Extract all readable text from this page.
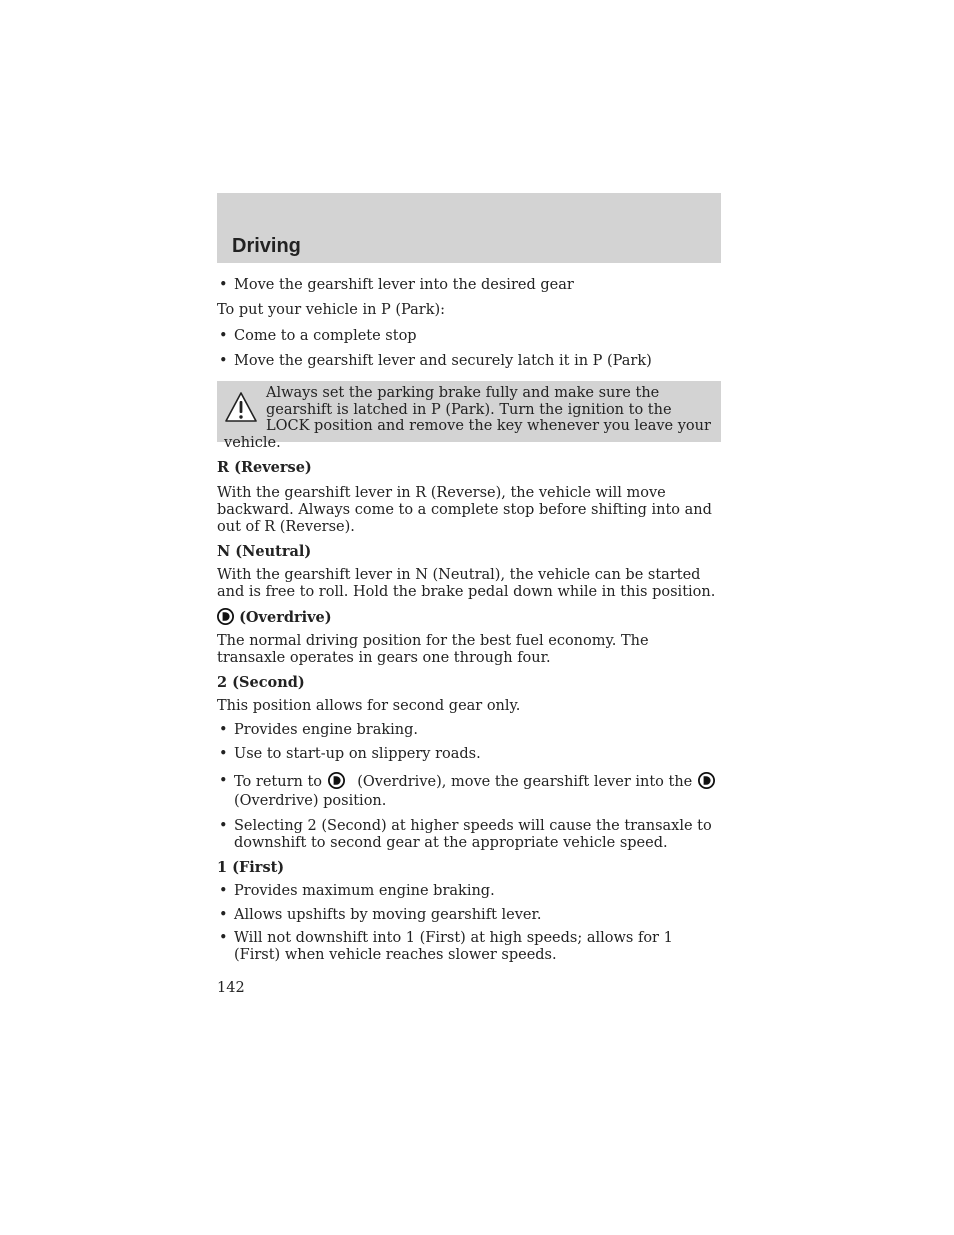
Driving

• Move the gearshift lever into the desired gear

To put your vehicle in P (Park):

• Come to a complete stop

• Move the gearshift lever and securely latch it in P (Park)

Always set the parking brake fully and make sure the gearshift is latched in P (Park). Turn the ignition to the LOCK position and remove the key whenever you leave your vehicle.

R (Reverse)

With the gearshift lever in R (Reverse), the vehicle will move backward. Always come to a complete stop before shifting into and out of R (Reverse).

N (Neutral)

With the gearshift lever in N (Neutral), the vehicle can be started and is free to roll. Hold the brake pedal down while in this position.

(Overdrive)

The normal driving position for the best fuel economy. The transaxle operates in gears one through four.

2 (Second)

This position allows for second gear only.

• Provides engine braking.

• Use to start-up on slippery roads.

• To return to (Overdrive), move the gearshift lever into the

(Overdrive) position.

• Selecting 2 (Second) at higher speeds will cause the transaxle to downshift to second gear at the appropriate vehicle speed.

1 (First)

• Provides maximum engine braking.

• Allows upshifts by moving gearshift lever.

• Will not downshift into 1 (First) at high speeds; allows for 1 (First) when vehicle reaches slower speeds.

142
